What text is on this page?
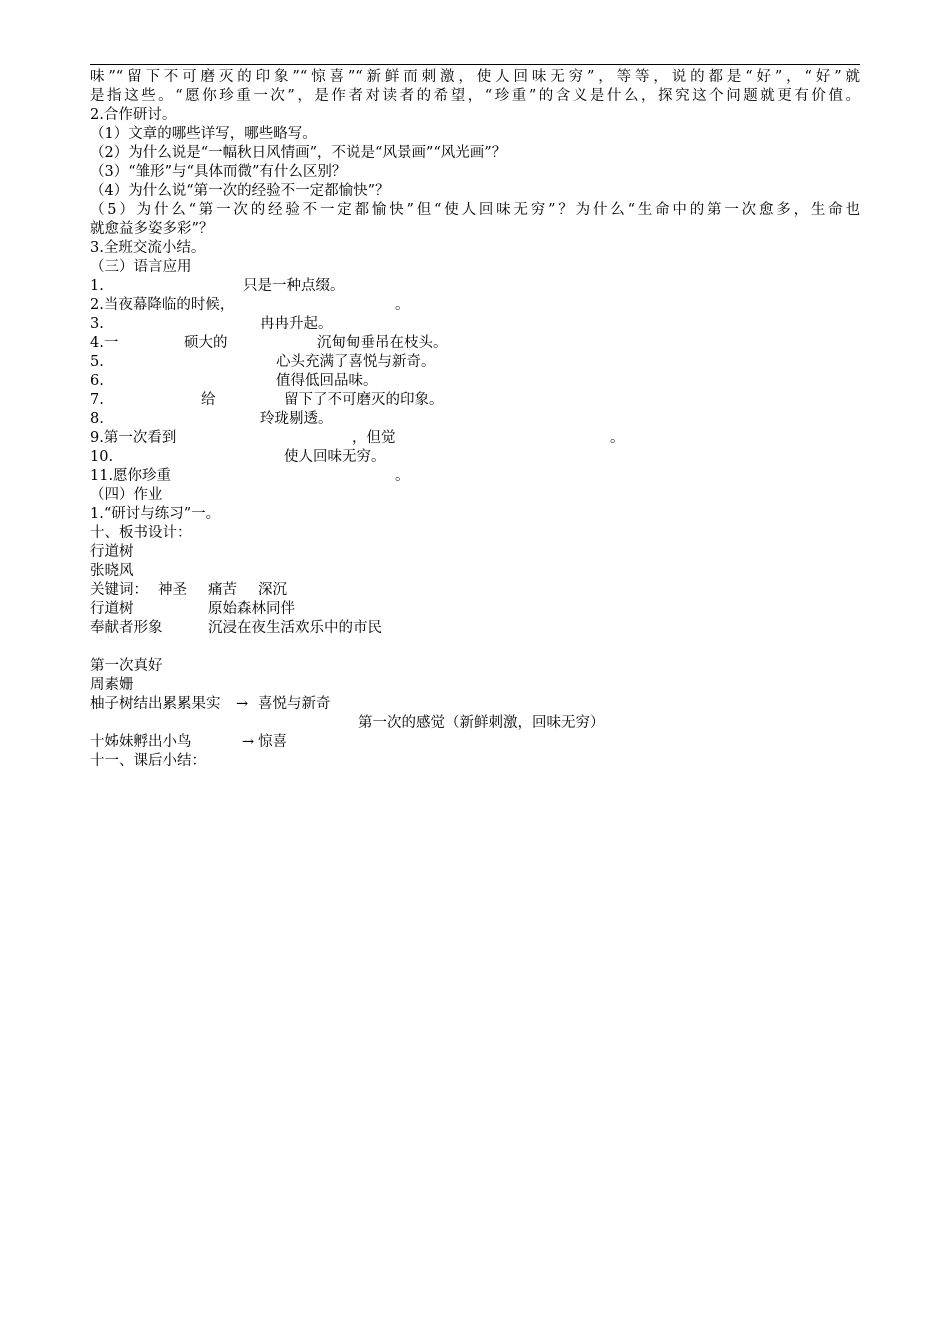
味”“留下不可磨灭的印象”“惊喜”“新鲜而刺激，使人回味无穷”，等等，说的都是“好”，“好”就
是指这些。“愿你珍重一次”，是作者对读者的希望，“珍重”的含义是什么，探究这个问题就更有价值。
2.合作研讨。
（1）文章的哪些详写，哪些略写。
（2）为什么说是“一幅秋日风情画”，不说是“风景画”“风光画”？
（3）“雏形”与“具体而微”有什么区别？
（4）为什么说“第一次的经验不一定都愉快”？
（5）为什么“第一次的经验不一定都愉快”但“使人回味无穷”？为什么“生命中的第一次愈多，生命也
就愈益多姿多彩”？
3.全班交流小结。
（三）语言应用
1.	只是一种点缀。
2.当夜幕降临的时候，	。
3.	冉冉升起。
4.一	硕大的	沉甸甸垂吊在枝头。
5.	心头充满了喜悦与新奇。
6.	值得低回品味。
7.	给	留下了不可磨灭的印象。
8.	玲珑剔透。
9.第一次看到	，但觉	。
10.	使人回味无穷。
11.愿你珍重	。
（四）作业
1.“研讨与练习”一。
十、板书设计：
行道树
张晓风
关键词： 神圣 痛苦 深沉
行道树	原始森林同伴
奉献者形象	沉浸在夜生活欢乐中的市民
第一次真好
周素姗
柚子树结出累累果实 → 喜悦与新奇
第一次的感觉（新鲜刺激，回味无穷）
十姊妹孵出小鸟	→ 惊喜
十一、课后小结：
